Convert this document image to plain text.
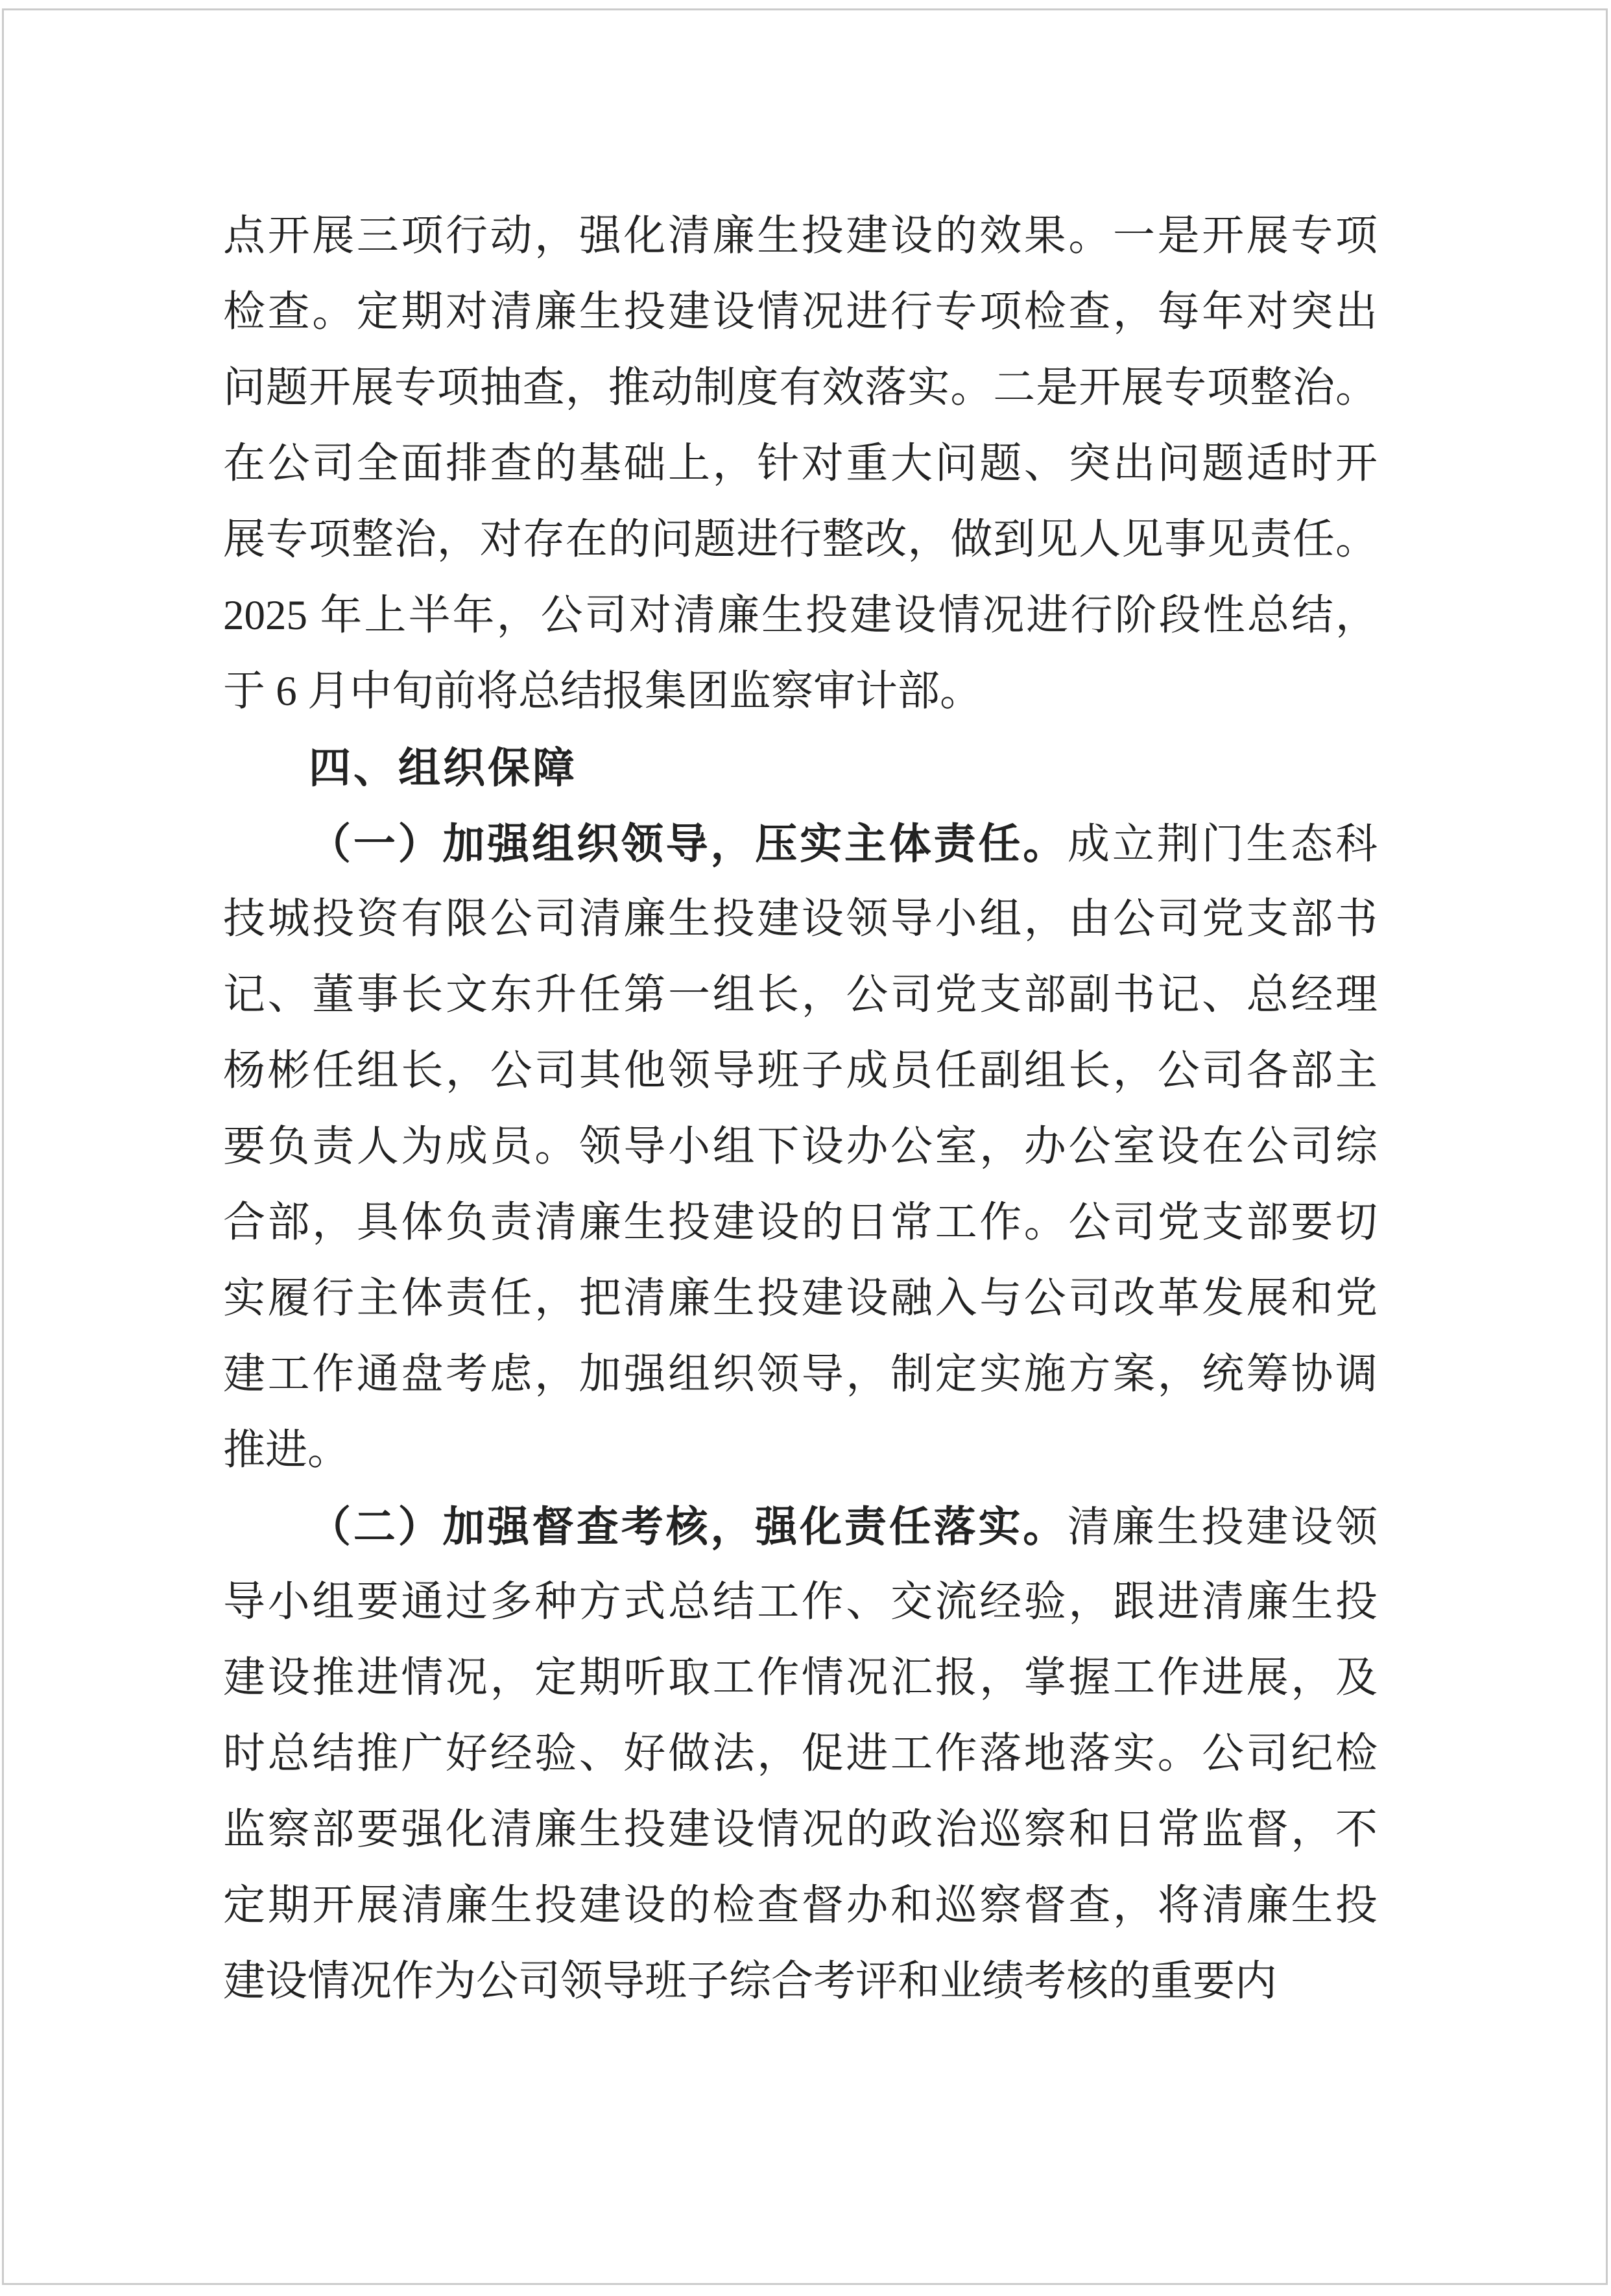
点开展三项行动，强化清廉生投建设的效果。一是开展专项
检查。定期对清廉生投建设情况进行专项检查，每年对突出
问题开展专项抽查，推动制度有效落实。二是开展专项整治。
在公司全面排查的基础上，针对重大问题、突出问题适时开
展专项整治，对存在的问题进行整改，做到见人见事见责任。
2025 年上半年，公司对清廉生投建设情况进行阶段性总结，
于 6 月中旬前将总结报集团监察审计部。
四、组织保障
（一）加强组织领导，压实主体责任。成立荆门生态科
技城投资有限公司清廉生投建设领导小组，由公司党支部书
记、董事长文东升任第一组长，公司党支部副书记、总经理
杨彬任组长，公司其他领导班子成员任副组长，公司各部主
要负责人为成员。领导小组下设办公室，办公室设在公司综
合部，具体负责清廉生投建设的日常工作。公司党支部要切
实履行主体责任，把清廉生投建设融入与公司改革发展和党
建工作通盘考虑，加强组织领导，制定实施方案，统筹协调
推进。
（二）加强督查考核，强化责任落实。清廉生投建设领
导小组要通过多种方式总结工作、交流经验，跟进清廉生投
建设推进情况，定期听取工作情况汇报，掌握工作进展，及
时总结推广好经验、好做法，促进工作落地落实。公司纪检
监察部要强化清廉生投建设情况的政治巡察和日常监督，不
定期开展清廉生投建设的检查督办和巡察督查，将清廉生投
建设情况作为公司领导班子综合考评和业绩考核的重要内
